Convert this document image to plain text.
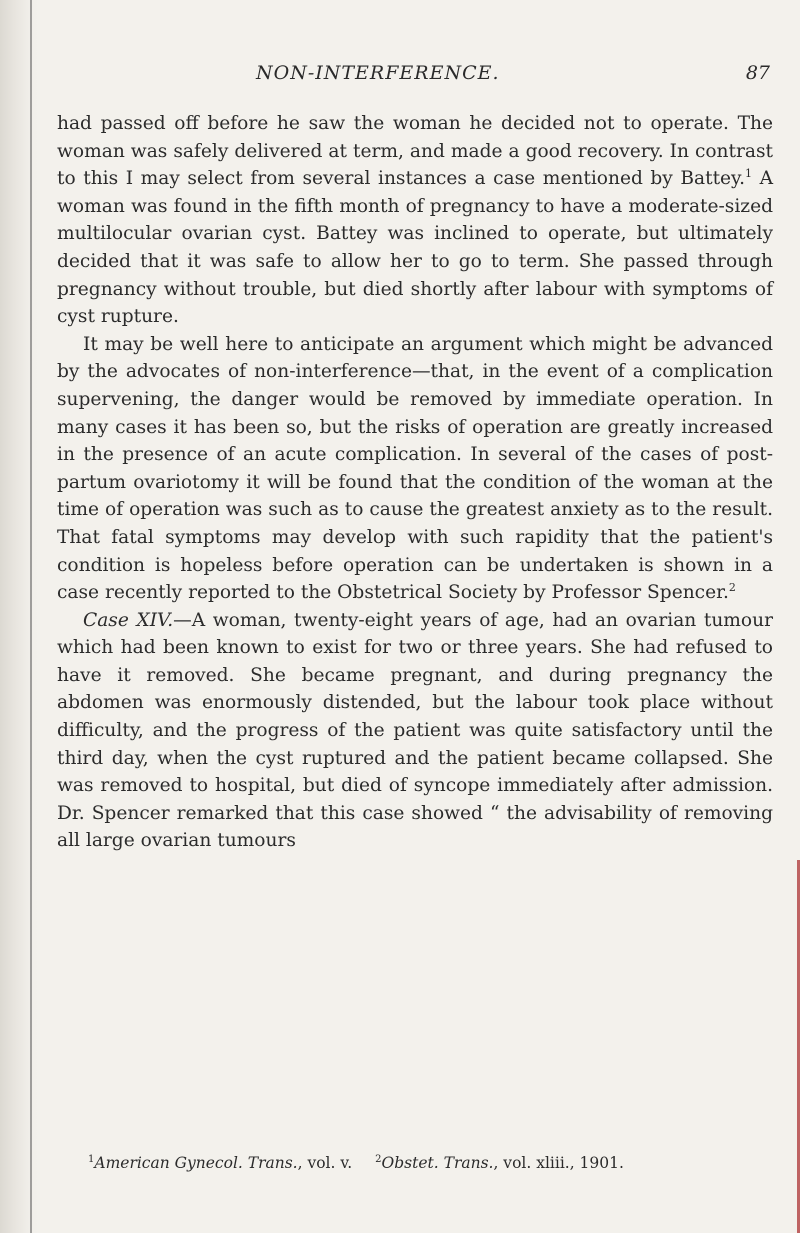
NON-INTERFERENCE.	87

had passed off before he saw the woman he decided not to operate. The woman was safely delivered at term, and made a good recovery. In contrast to this I may select from several instances a case mentioned by Battey.$^1$ A woman was found in the fifth month of pregnancy to have a moderate-sized multilocular ovarian cyst. Battey was inclined to operate, but ultimately decided that it was safe to allow her to go to term. She passed through pregnancy without trouble, but died shortly after labour with symptoms of cyst rupture.

It may be well here to anticipate an argument which might be advanced by the advocates of non-interference—that, in the event of a complication supervening, the danger would be removed by immediate operation. In many cases it has been so, but the risks of operation are greatly increased in the presence of an acute complication. In several of the cases of post-partum ovariotomy it will be found that the condition of the woman at the time of operation was such as to cause the greatest anxiety as to the result. That fatal symptoms may develop with such rapidity that the patient's condition is hopeless before operation can be undertaken is shown in a case recently reported to the Obstetrical Society by Professor Spencer.$^2$

Case XIV.—A woman, twenty-eight years of age, had an ovarian tumour which had been known to exist for two or three years. She had refused to have it removed. She became pregnant, and during pregnancy the abdomen was enormously distended, but the labour took place without difficulty, and the progress of the patient was quite satisfactory until the third day, when the cyst ruptured and the patient became collapsed. She was removed to hospital, but died of syncope immediately after admission. Dr. Spencer remarked that this case showed “ the advisability of removing all large ovarian tumours

$^1$American Gynecol. Trans., vol. v. $^2$Obstet. Trans., vol. xliii., 1901.
